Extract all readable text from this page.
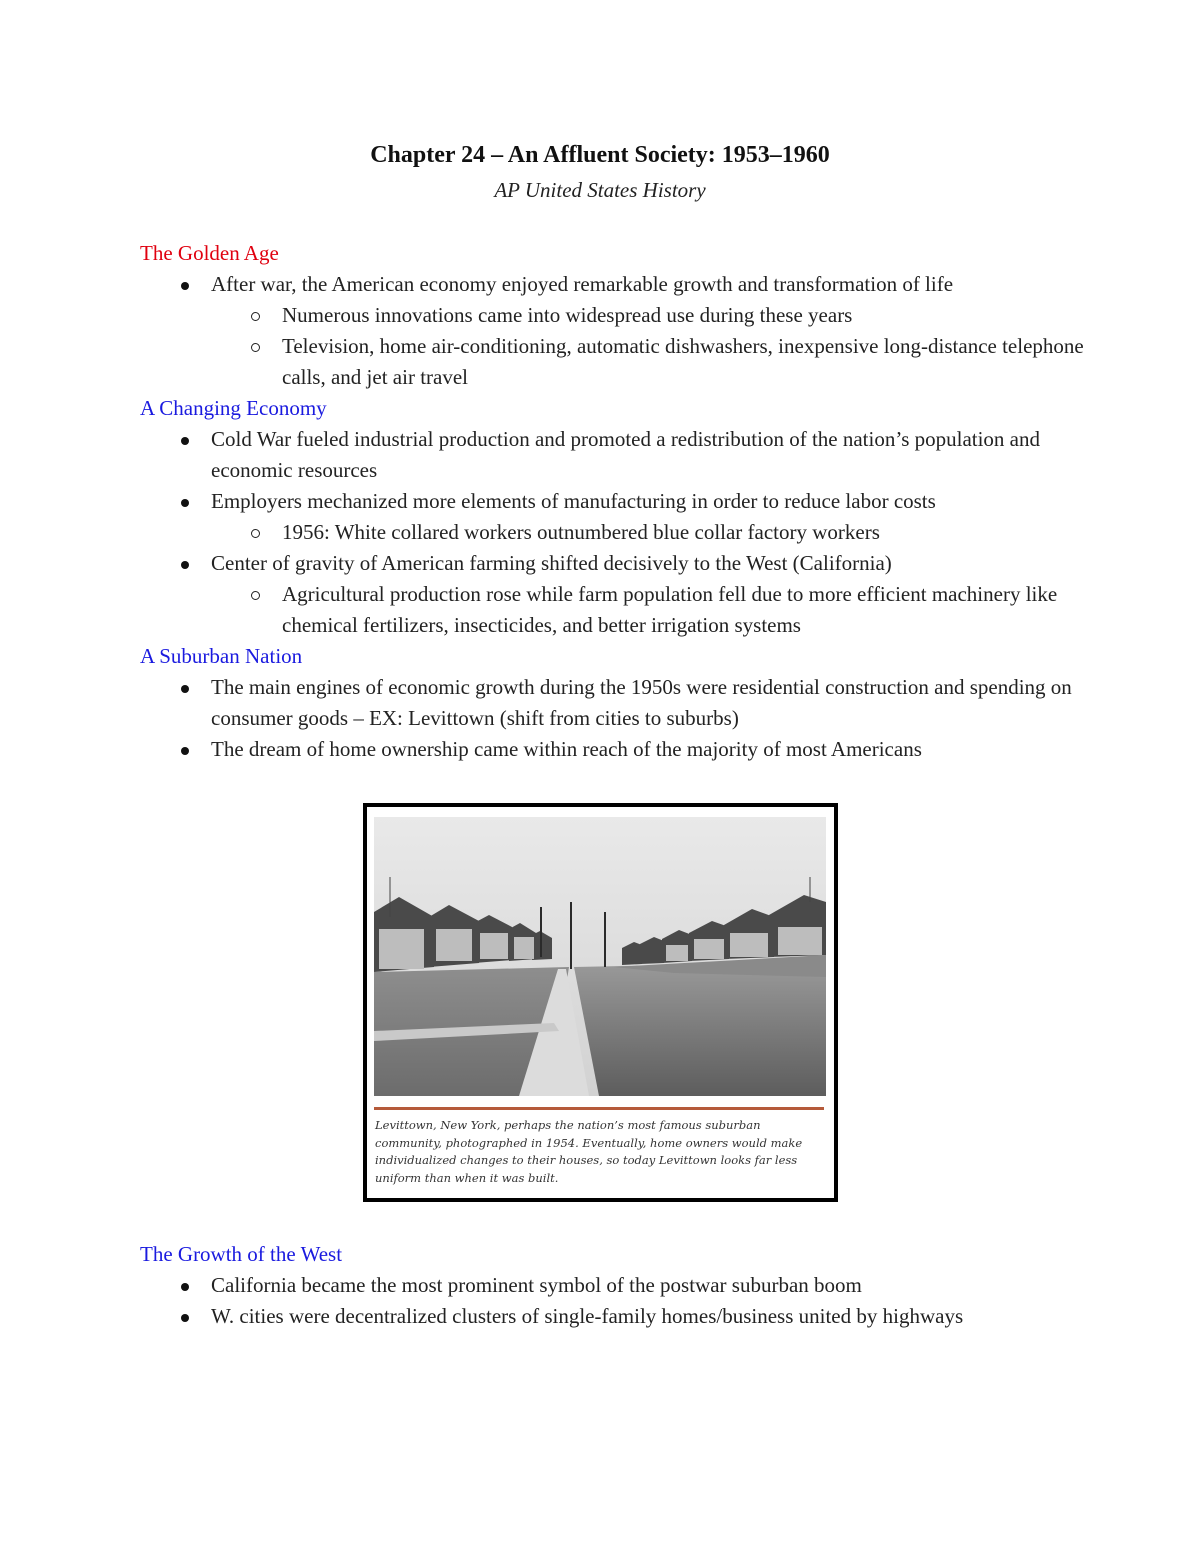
Chapter 24 – An Affluent Society: 1953–1960
AP United States History

The Golden Age

After war, the American economy enjoyed remarkable growth and transformation of life
Numerous innovations came into widespread use during these years
Television, home air-conditioning, automatic dishwashers, inexpensive long-distance telephone calls, and jet air travel

A Changing Economy

Cold War fueled industrial production and promoted a redistribution of the nation’s population and economic resources
Employers mechanized more elements of manufacturing in order to reduce labor costs
1956: White collared workers outnumbered blue collar factory workers
Center of gravity of American farming shifted decisively to the West (California)
Agricultural production rose while farm population fell due to more efficient machinery like chemical fertilizers, insecticides, and better irrigation systems

A Suburban Nation

The main engines of economic growth during the 1950s were residential construction and spending on consumer goods – EX: Levittown (shift from cities to suburbs)
The dream of home ownership came within reach of the majority of most Americans
Levittown, New York, perhaps the nation’s most famous suburban community, photographed in 1954. Eventually, home owners would make individualized changes to their houses, so today Levittown looks far less uniform than when it was built.

The Growth of the West

California became the most prominent symbol of the postwar suburban boom
W. cities were decentralized clusters of single-family homes/business united by highways
